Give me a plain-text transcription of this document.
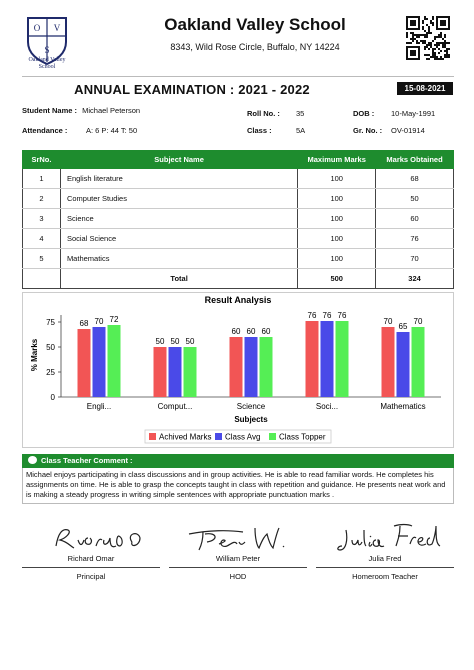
O V
S
Oakland Valley
School
Oakland Valley School
8343, Wild Rose Circle, Buffalo, NY 14224
ANNUAL EXAMINATION : 2021 - 2022	15-08-2021
Student Name : Michael Peterson	Roll No. : 35	DOB : 10-May-1991
Attendance : A: 6 P: 44 T: 50	Class :	5A	Gr. No. : OV-01914
SrNo.	Subject Name	Maximum Marks	Marks Obtained
1	English literature	100	68
2	Computer Studies	100	50
3	Science	100	60
4	Social Science	100	76
5	Mathematics	100	70
	Total	500	324
Result Analysis
0
25
50
75
% Marks
Engli...
68 70 72
Comput...
50 50 50
Science
60 60 60
Soci...
76 76 76
Mathematics
70
65
70
Subjects
Achived Marks Class Avg Class Topper
Class Teacher Comment :
Michael enjoys participating in class discussions and in group activities. He is able to read familiar words. He completes his assignments on time. He is able to grasp the concepts taught in class with repetition and guidance. He presents neat work and is making a steady progress in writing simple sentences with appropriate punctuation marks .
Richard Omar
Principal
William Peter
HOD
Julia Fred
Homeroom Teacher
